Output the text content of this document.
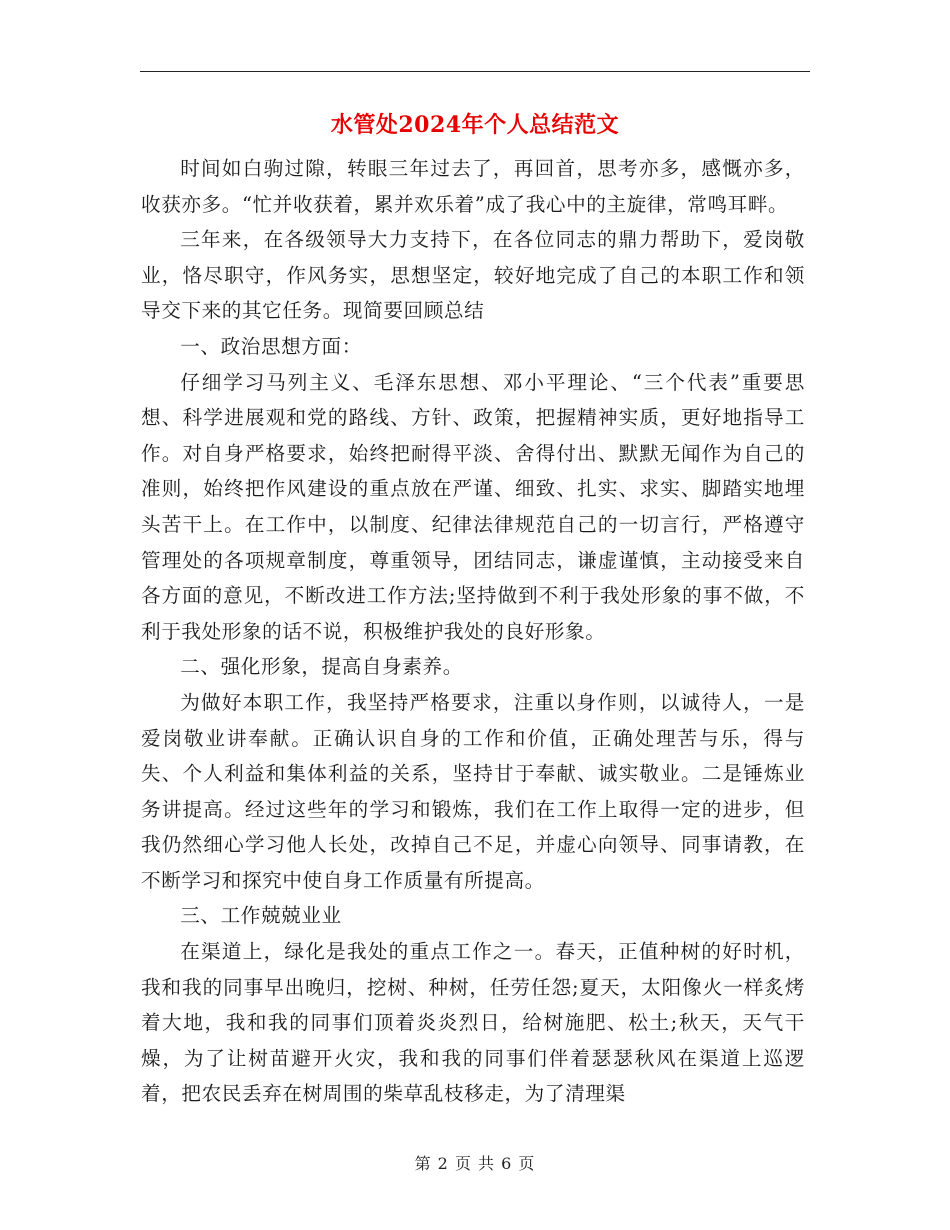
水管处2024年个人总结范文

时间如白驹过隙，转眼三年过去了，再回首，思考亦多，感慨亦多，收获亦多。“忙并收获着，累并欢乐着”成了我心中的主旋律，常鸣耳畔。

三年来，在各级领导大力支持下，在各位同志的鼎力帮助下，爱岗敬业，恪尽职守，作风务实，思想坚定，较好地完成了自己的本职工作和领导交下来的其它任务。现简要回顾总结

一、政治思想方面：

仔细学习马列主义、毛泽东思想、邓小平理论、“三个代表”重要思想、科学进展观和党的路线、方针、政策，把握精神实质，更好地指导工作。对自身严格要求，始终把耐得平淡、舍得付出、默默无闻作为自己的准则，始终把作风建设的重点放在严谨、细致、扎实、求实、脚踏实地埋头苦干上。在工作中，以制度、纪律法律规范自己的一切言行，严格遵守管理处的各项规章制度，尊重领导，团结同志，谦虚谨慎，主动接受来自各方面的意见，不断改进工作方法;坚持做到不利于我处形象的事不做，不利于我处形象的话不说，积极维护我处的良好形象。

二、强化形象，提高自身素养。

为做好本职工作，我坚持严格要求，注重以身作则，以诚待人，一是爱岗敬业讲奉献。正确认识自身的工作和价值，正确处理苦与乐，得与失、个人利益和集体利益的关系，坚持甘于奉献、诚实敬业。二是锤炼业务讲提高。经过这些年的学习和锻炼，我们在工作上取得一定的进步，但我仍然细心学习他人长处，改掉自己不足，并虚心向领导、同事请教，在不断学习和探究中使自身工作质量有所提高。

三、工作兢兢业业

在渠道上，绿化是我处的重点工作之一。春天，正值种树的好时机，我和我的同事早出晚归，挖树、种树，任劳任怨;夏天，太阳像火一样炙烤着大地，我和我的同事们顶着炎炎烈日，给树施肥、松土;秋天，天气干燥，为了让树苗避开火灾，我和我的同事们伴着瑟瑟秋风在渠道上巡逻着，把农民丢弃在树周围的柴草乱枝移走，为了清理渠

第 2 页 共 6 页
